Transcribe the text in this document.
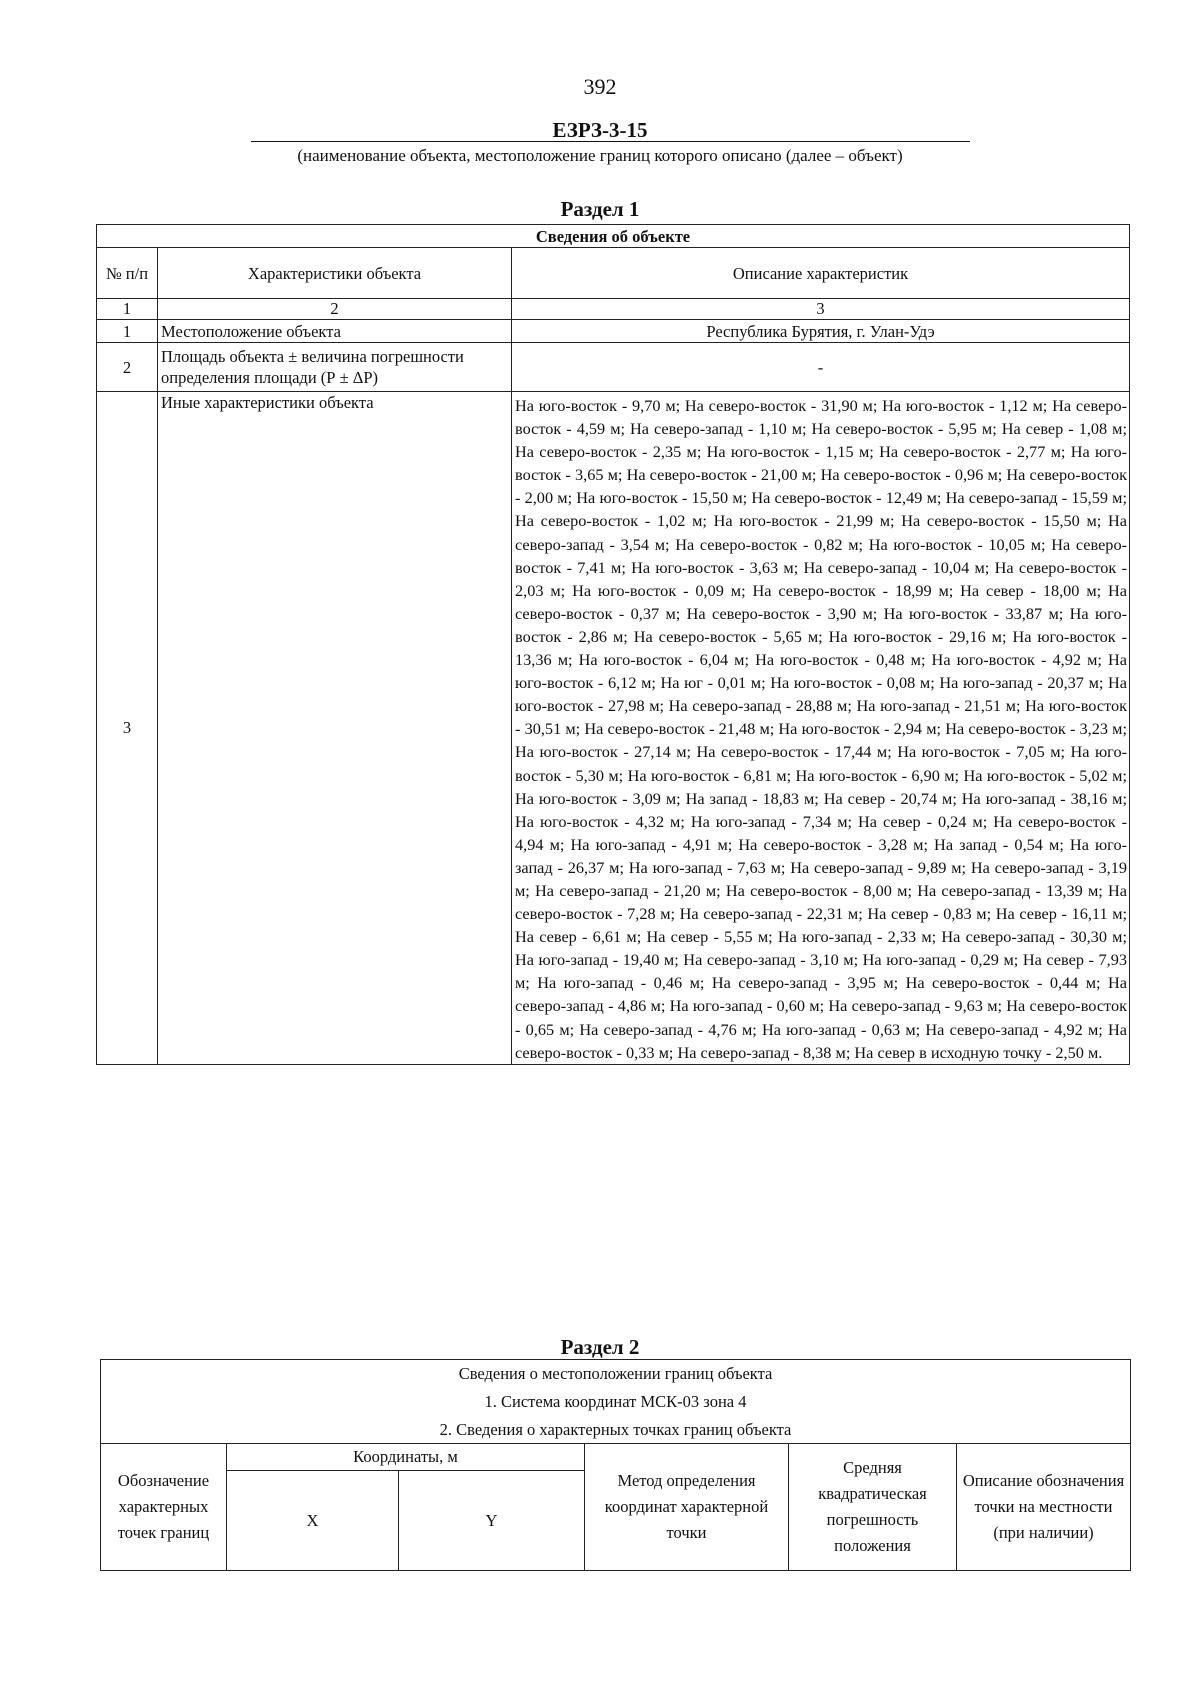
392
ЕЗРЗ-3-15
(наименование объекта, местоположение границ которого описано (далее – объект)
Раздел 1
Сведения об объекте		
№ п/п	Характеристики объекта	Описание характеристик
1	2	3
1	Местоположение объекта	Республика Бурятия, г. Улан-Удэ
2	Площадь объекта ± величина погрешности определения площади (Р ± ΔР)	-
3	Иные характеристики объекта	На юго-восток - 9,70 м; На северо-восток - 31,90 м; На юго-восток - 1,12 м; На северо-восток - 4,59 м; На северо-запад - 1,10 м; На северо-восток - 5,95 м; На север - 1,08 м; На северо-восток - 2,35 м; На юго-восток - 1,15 м; На северо-восток - 2,77 м; На юго-восток - 3,65 м; На северо-восток - 21,00 м; На северо-восток - 0,96 м; На северо-восток - 2,00 м; На юго-восток - 15,50 м; На северо-восток - 12,49 м; На северо-запад - 15,59 м; На северо-восток - 1,02 м; На юго-восток - 21,99 м; На северо-восток - 15,50 м; На северо-запад - 3,54 м; На северо-восток - 0,82 м; На юго-восток - 10,05 м; На северо-восток - 7,41 м; На юго-восток - 3,63 м; На северо-запад - 10,04 м; На северо-восток - 2,03 м; На юго-восток - 0,09 м; На северо-восток - 18,99 м; На север - 18,00 м; На северо-восток - 0,37 м; На северо-восток - 3,90 м; На юго-восток - 33,87 м; На юго-восток - 2,86 м; На северо-восток - 5,65 м; На юго-восток - 29,16 м; На юго-восток - 13,36 м; На юго-восток - 6,04 м; На юго-восток - 0,48 м; На юго-восток - 4,92 м; На юго-восток - 6,12 м; На юг - 0,01 м; На юго-восток - 0,08 м; На юго-запад - 20,37 м; На юго-восток - 27,98 м; На северо-запад - 28,88 м; На юго-запад - 21,51 м; На юго-восток - 30,51 м; На северо-восток - 21,48 м; На юго-восток - 2,94 м; На северо-восток - 3,23 м; На юго-восток - 27,14 м; На северо-восток - 17,44 м; На юго-восток - 7,05 м; На юго-восток - 5,30 м; На юго-восток - 6,81 м; На юго-восток - 6,90 м; На юго-восток - 5,02 м; На юго-восток - 3,09 м; На запад - 18,83 м; На север - 20,74 м; На юго-запад - 38,16 м; На юго-восток - 4,32 м; На юго-запад - 7,34 м; На север - 0,24 м; На северо-восток - 4,94 м; На юго-запад - 4,91 м; На северо-восток - 3,28 м; На запад - 0,54 м; На юго-запад - 26,37 м; На юго-запад - 7,63 м; На северо-запад - 9,89 м; На северо-запад - 3,19 м; На северо-запад - 21,20 м; На северо-восток - 8,00 м; На северо-запад - 13,39 м; На северо-восток - 7,28 м; На северо-запад - 22,31 м; На север - 0,83 м; На север - 16,11 м; На север - 6,61 м; На север - 5,55 м; На юго-запад - 2,33 м; На северо-запад - 30,30 м; На юго-запад - 19,40 м; На северо-запад - 3,10 м; На юго-запад - 0,29 м; На север - 7,93 м; На юго-запад - 0,46 м; На северо-запад - 3,95 м; На северо-восток - 0,44 м; На северо-запад - 4,86 м; На юго-запад - 0,60 м; На северо-запад - 9,63 м; На северо-восток - 0,65 м; На северо-запад - 4,76 м; На юго-запад - 0,63 м; На северо-запад - 4,92 м; На северо-восток - 0,33 м; На северо-запад - 8,38 м; На север в исходную точку - 2,50 м.
Раздел 2
Сведения о местоположении границ объекта					
1. Система координат МСК-03 зона 4					
2. Сведения о характерных точках границ объекта					
Обозначение характерных точек границ	Координаты, м		Метод определения координат характерной точки	Средняя квадратическая погрешность положения	Описание обозначения точки на местности (при наличии)
	X	Y			
